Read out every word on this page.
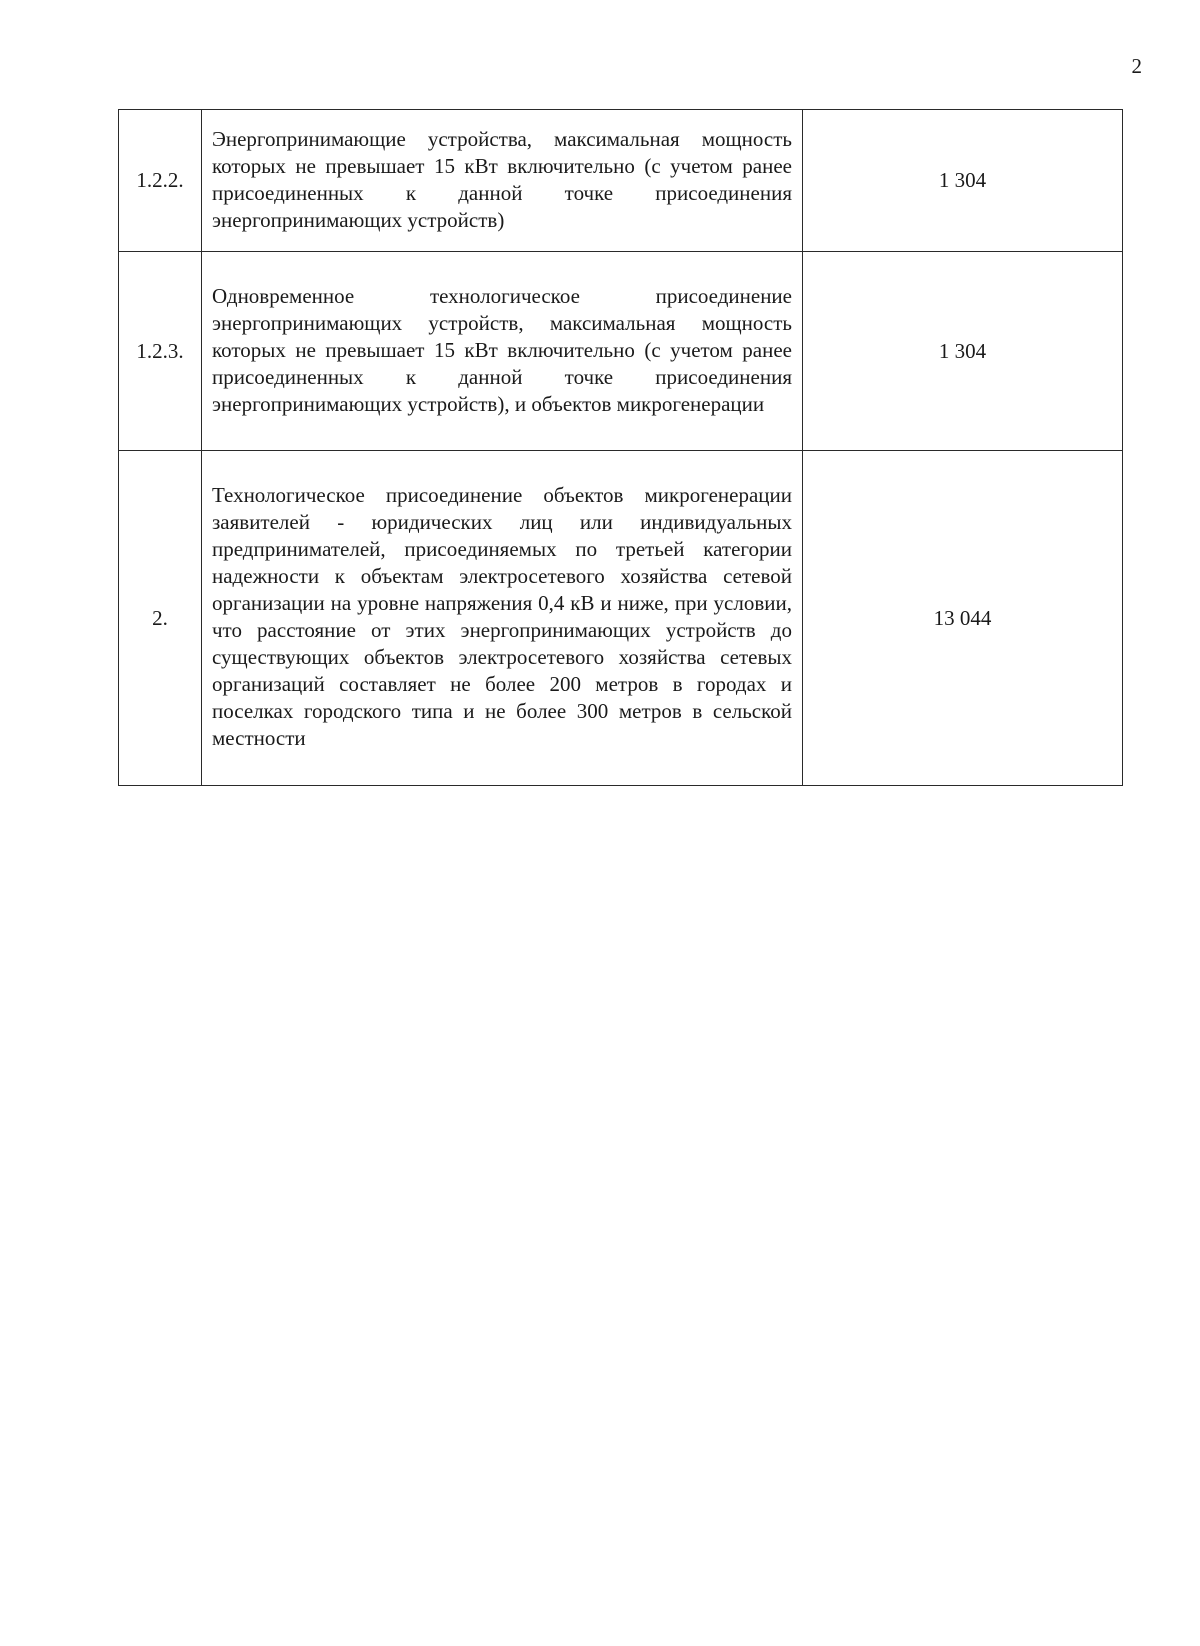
2
1.2.2.	Энергопринимающие устройства, максимальная мощность которых не превышает 15 кВт включительно (с учетом ранее присоединенных к данной точке присоединения энергопринимающих устройств)	1 304
1.2.3.	Одновременное технологическое присоединение энергопринимающих устройств, максимальная мощность которых не превышает 15 кВт включительно (с учетом ранее присоединенных к данной точке присоединения энергопринимающих устройств), и объектов микрогенерации	1 304
2.	Технологическое присоединение объектов микрогенерации заявителей - юридических лиц или индивидуальных предпринимателей, присоединяемых по третьей категории надежности к объектам электросетевого хозяйства сетевой организации на уровне напряжения 0,4 кВ и ниже, при условии, что расстояние от этих энергопринимающих устройств до существующих объектов электросетевого хозяйства сетевых организаций составляет не более 200 метров в городах и поселках городского типа и не более 300 метров в сельской местности	13 044
